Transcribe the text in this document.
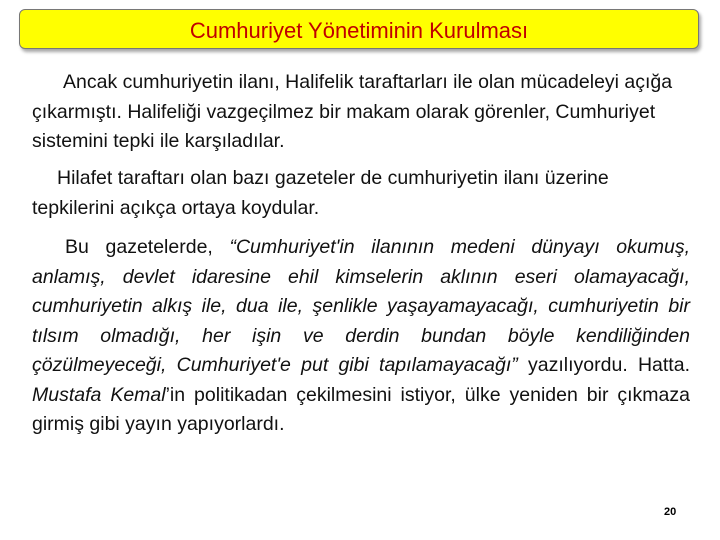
Cumhuriyet Yönetiminin Kurulması

Ancak cumhuriyetin ilanı, Halifelik taraftarları ile olan mücadeleyi açığa çıkarmıştı. Halifeliği vazgeçilmez bir makam olarak görenler, Cumhuriyet sistemini tepki ile karşıladılar.

Hilafet taraftarı olan bazı gazeteler de cumhuriyetin ilanı üzerine tepkilerini açıkça ortaya koydular.

Bu gazetelerde, “Cumhuriyet'in ilanının medeni dünyayı okumuş, anlamış, devlet idaresine ehil kimselerin aklının eseri olamayacağı, cumhuriyetin alkış ile, dua ile, şenlikle yaşayamayacağı, cumhuriyetin bir tılsım olmadığı, her işin ve derdin bundan böyle kendiliğinden çözülmeyeceği, Cumhuriyet'e put gibi tapılamayacağı” yazılıyordu. Hatta. Mustafa Kemal’in politikadan çekilmesini istiyor, ülke yeniden bir çıkmaza girmiş gibi yayın yapıyorlardı.

20
